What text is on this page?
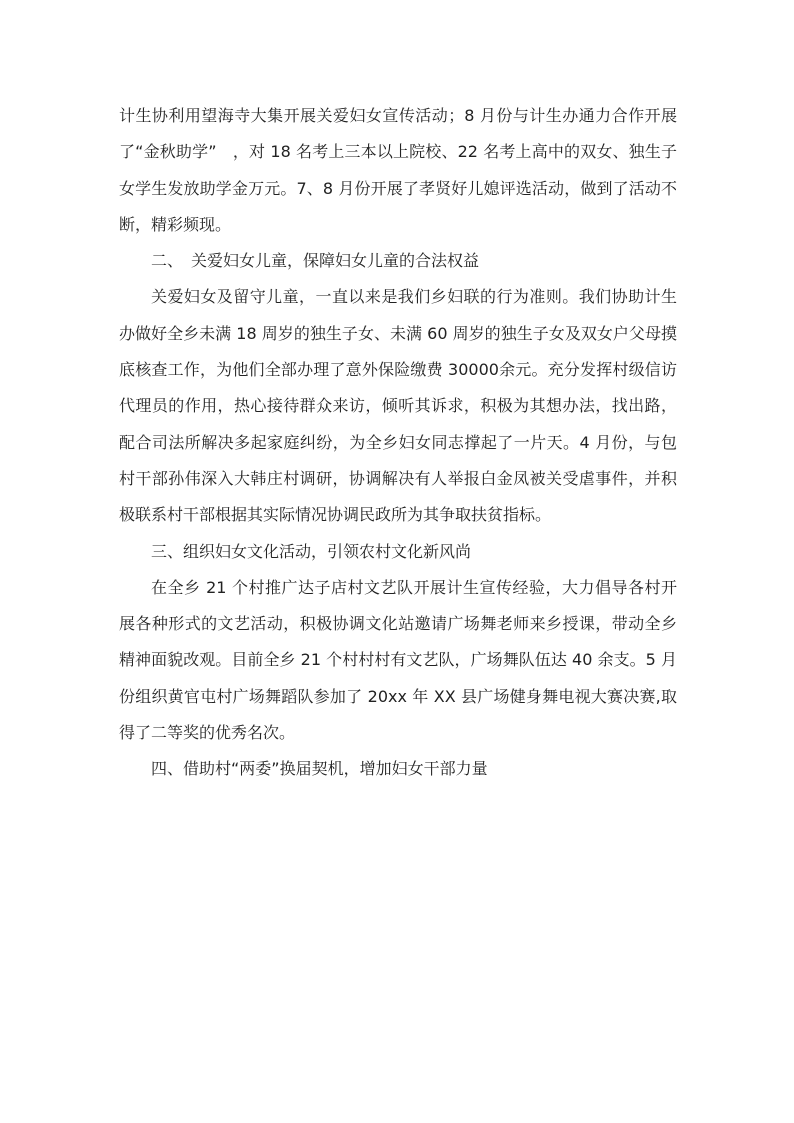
计生协利用望海寺大集开展关爱妇女宣传活动；8 月份与计生办通力合作开展了“金秋助学”　，对 18 名考上三本以上院校、22 名考上高中的双女、独生子女学生发放助学金万元。7、8 月份开展了孝贤好儿媳评选活动，做到了活动不断，精彩频现。

二、　关爱妇女儿童，保障妇女儿童的合法权益

关爱妇女及留守儿童，一直以来是我们乡妇联的行为准则。我们协助计生办做好全乡未满 18 周岁的独生子女、未满 60 周岁的独生子女及双女户父母摸底核查工作，为他们全部办理了意外保险缴费 30000余元。充分发挥村级信访代理员的作用，热心接待群众来访，倾听其诉求，积极为其想办法，找出路，配合司法所解决多起家庭纠纷，为全乡妇女同志撑起了一片天。4 月份，与包村干部孙伟深入大韩庄村调研，协调解决有人举报白金凤被关受虐事件，并积极联系村干部根据其实际情况协调民政所为其争取扶贫指标。

三、组织妇女文化活动，引领农村文化新风尚

在全乡 21 个村推广达子店村文艺队开展计生宣传经验，大力倡导各村开展各种形式的文艺活动，积极协调文化站邀请广场舞老师来乡授课，带动全乡精神面貌改观。目前全乡 21 个村村村有文艺队，广场舞队伍达 40 余支。5 月份组织黄官屯村广场舞蹈队参加了 20xx 年 XX 县广场健身舞电视大赛决赛,取得了二等奖的优秀名次。

四、借助村“两委”换届契机，增加妇女干部力量
